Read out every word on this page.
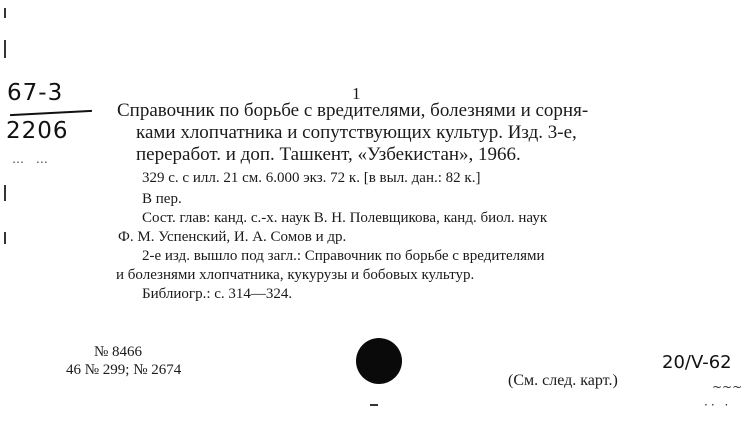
67-3
2206
… …
1
Справочник по борьбе с вредителями, болезнями и сорня-
ками хлопчатника и сопутствующих культур. Изд. 3-е,
переработ. и доп. Ташкент, «Узбекистан», 1966.
329 с. с илл. 21 см. 6.000 экз. 72 к. [в выл. дан.: 82 к.]
В пер.
Сост. глав: канд. с.-х. наук В. Н. Полевщикова, канд. биол. наук
Ф. М. Успенский, И. А. Сомов и др.
2-е изд. вышло под загл.: Справочник по борьбе с вредителями
и болезнями хлопчатника, кукурузы и бобовых культур.
Библиогр.: с. 314—324.
№ 8466
46 № 299; № 2674
(См. след. карт.)
20/V-62
~~~
·· ·
